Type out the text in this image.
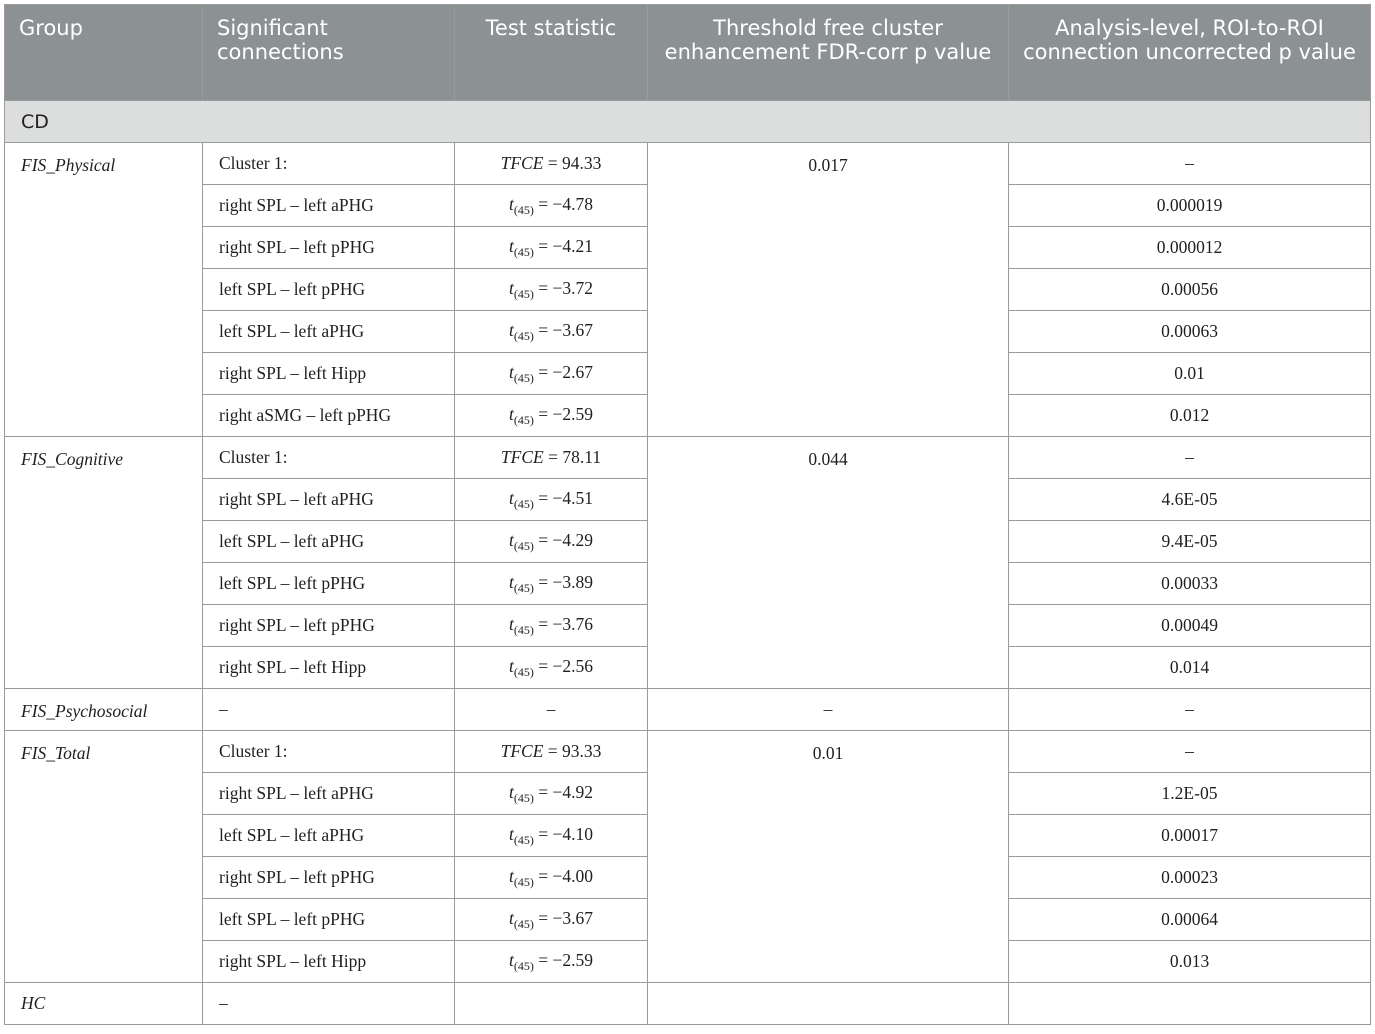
Group	Significant connections	Test statistic	Threshold free cluster enhancement FDR-corr p value	Analysis-level, ROI-to-ROI connection uncorrected p value
CD				
FIS_Physical	Cluster 1:	TFCE = 94.33	0.017	–
	right SPL – left aPHG	$t_{(45)} = -4.78$		0.000019
	right SPL – left pPHG	$t_{(45)} = -4.21$		0.000012
	left SPL – left pPHG	$t_{(45)} = -3.72$		0.00056
	left SPL – left aPHG	$t_{(45)} = -3.67$		0.00063
	right SPL – left Hipp	$t_{(45)} = -2.67$		0.01
	right aSMG – left pPHG	$t_{(45)} = -2.59$		0.012
FIS_Cognitive	Cluster 1:	TFCE = 78.11	0.044	–
	right SPL – left aPHG	$t_{(45)} = -4.51$		4.6E-05
	left SPL – left aPHG	$t_{(45)} = -4.29$		9.4E-05
	left SPL – left pPHG	$t_{(45)} = -3.89$		0.00033
	right SPL – left pPHG	$t_{(45)} = -3.76$		0.00049
	right SPL – left Hipp	$t_{(45)} = -2.56$		0.014
FIS_Psychosocial	–	–	–	–
FIS_Total	Cluster 1:	TFCE = 93.33	0.01	–
	right SPL – left aPHG	$t_{(45)} = -4.92$		1.2E-05
	left SPL – left aPHG	$t_{(45)} = -4.10$		0.00017
	right SPL – left pPHG	$t_{(45)} = -4.00$		0.00023
	left SPL – left pPHG	$t_{(45)} = -3.67$		0.00064
	right SPL – left Hipp	$t_{(45)} = -2.59$		0.013
HC	–			
